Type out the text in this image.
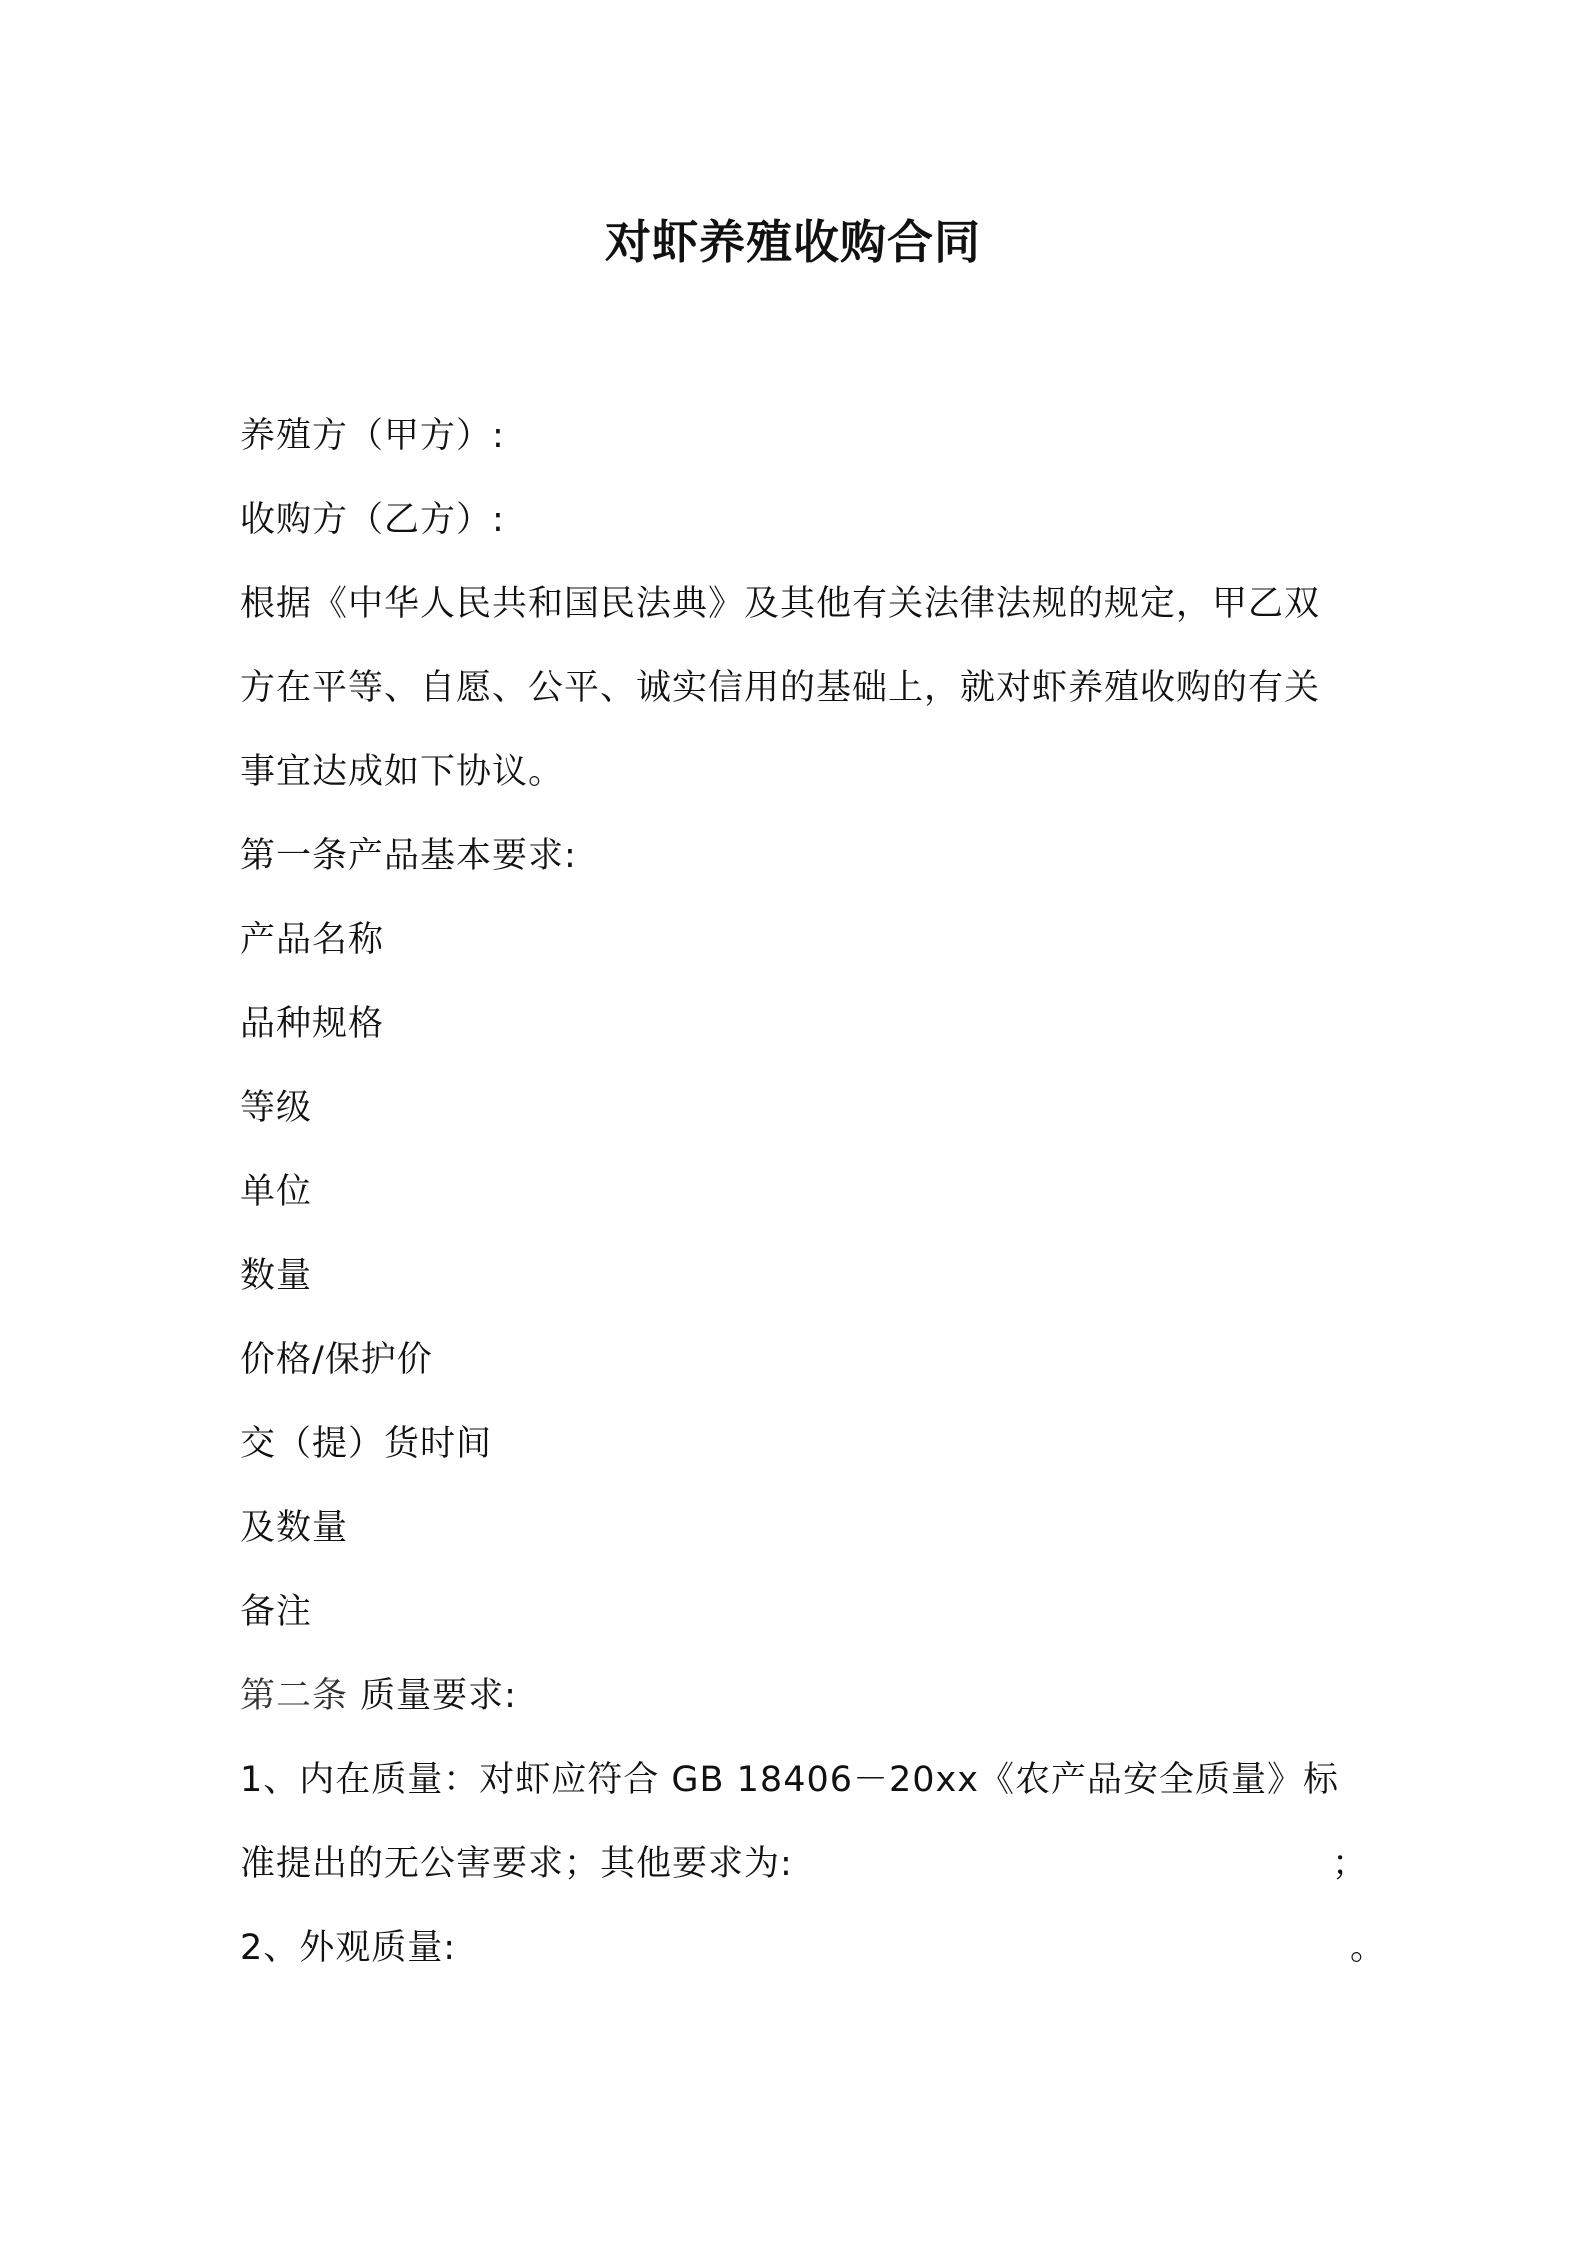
对虾养殖收购合同
养殖方（甲方）:
收购方（乙方）:
根据《中华人民共和国民法典》及其他有关法律法规的规定，甲乙双
方在平等、自愿、公平、诚实信用的基础上，就对虾养殖收购的有关
事宜达成如下协议。
第一条产品基本要求:
产品名称
品种规格
等级
单位
数量
价格/保护价
交（提）货时间
及数量
备注
第二条 质量要求:
1、内在质量：对虾应符合 GB 18406－20xx《农产品安全质量》标
准提出的无公害要求；其他要求为:	；
2、外观质量:	。
